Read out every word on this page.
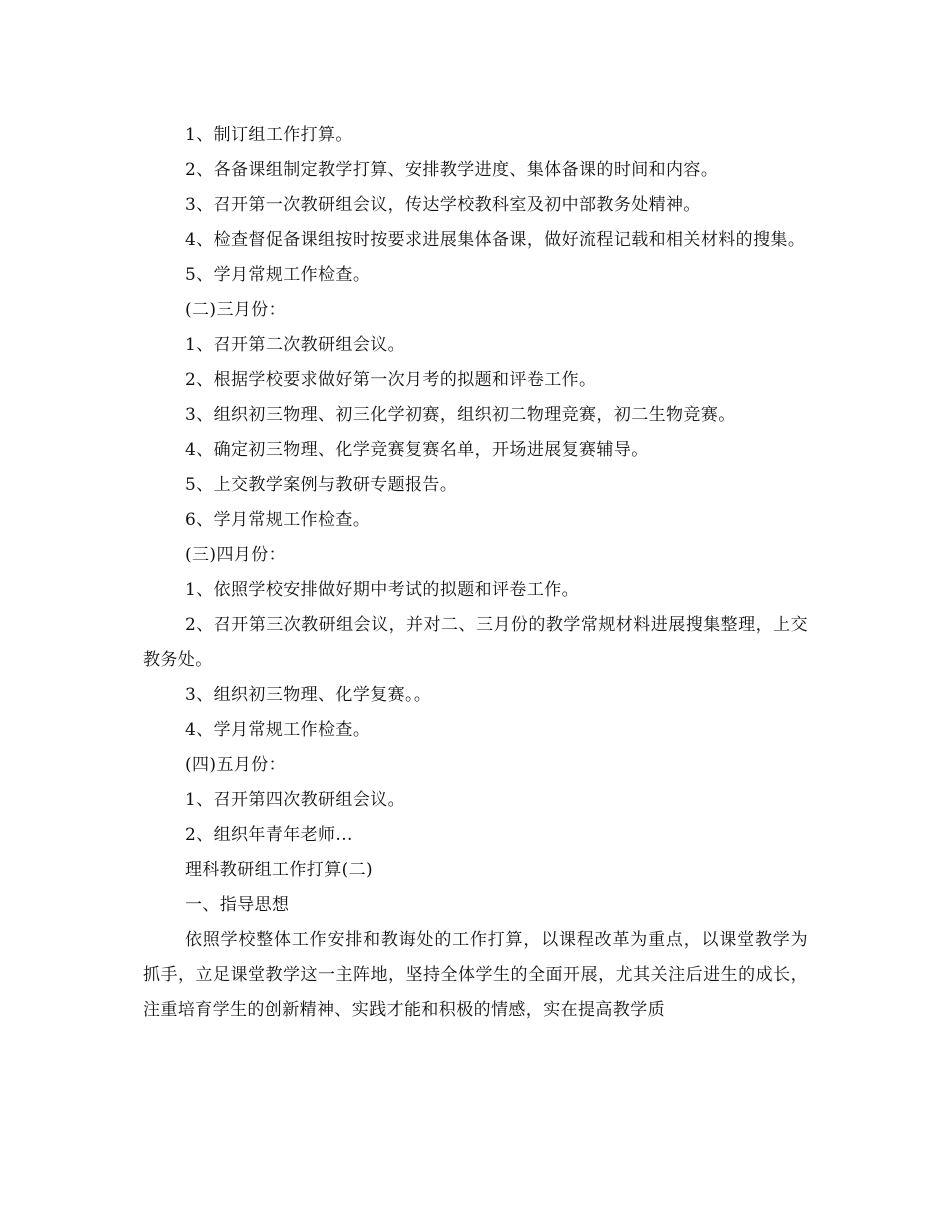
1、制订组工作打算。

2、各备课组制定教学打算、安排教学进度、集体备课的时间和内容。

3、召开第一次教研组会议，传达学校教科室及初中部教务处精神。

4、检查督促备课组按时按要求进展集体备课，做好流程记载和相关材料的搜集。

5、学月常规工作检查。

(二)三月份：

1、召开第二次教研组会议。

2、根据学校要求做好第一次月考的拟题和评卷工作。

3、组织初三物理、初三化学初赛，组织初二物理竞赛，初二生物竞赛。

4、确定初三物理、化学竞赛复赛名单，开场进展复赛辅导。

5、上交教学案例与教研专题报告。

6、学月常规工作检查。

(三)四月份：

1、依照学校安排做好期中考试的拟题和评卷工作。

2、召开第三次教研组会议，并对二、三月份的教学常规材料进展搜集整理，上交教务处。

3、组织初三物理、化学复赛。。

4、学月常规工作检查。

(四)五月份：

1、召开第四次教研组会议。

2、组织年青年老师...

理科教研组工作打算(二)

一、指导思想

依照学校整体工作安排和教诲处的工作打算，以课程改革为重点，以课堂教学为抓手，立足课堂教学这一主阵地，坚持全体学生的全面开展，尤其关注后进生的成长，注重培育学生的创新精神、实践才能和积极的情感，实在提高教学质
